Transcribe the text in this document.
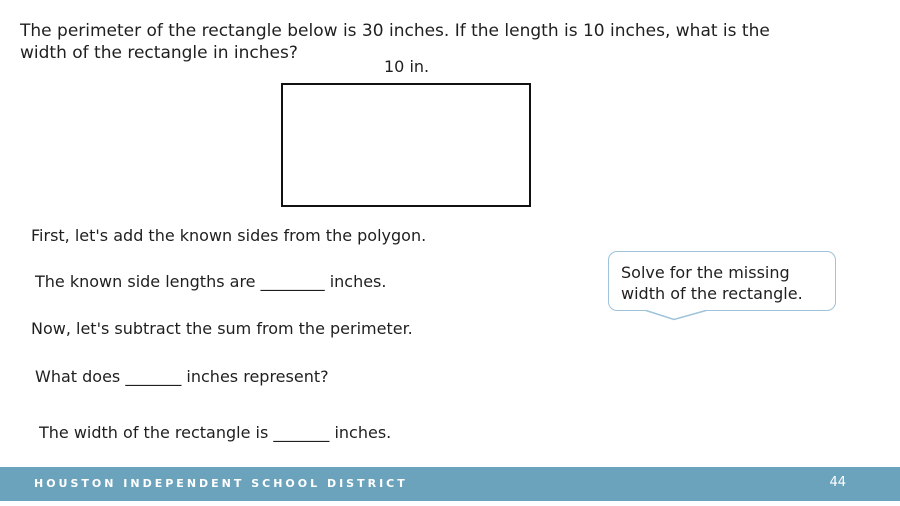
The perimeter of the rectangle below is 30 inches. If the length is 10 inches, what is the width of the rectangle in inches?

10 in.
First, let's add the known sides from the polygon.
The known side lengths are ________ inches.
Now, let's subtract the sum from the perimeter.
What does _______ inches represent?
The width of the rectangle is _______ inches.
Solve for the missing width of the rectangle.
HOUSTON INDEPENDENT SCHOOL DISTRICT	44
